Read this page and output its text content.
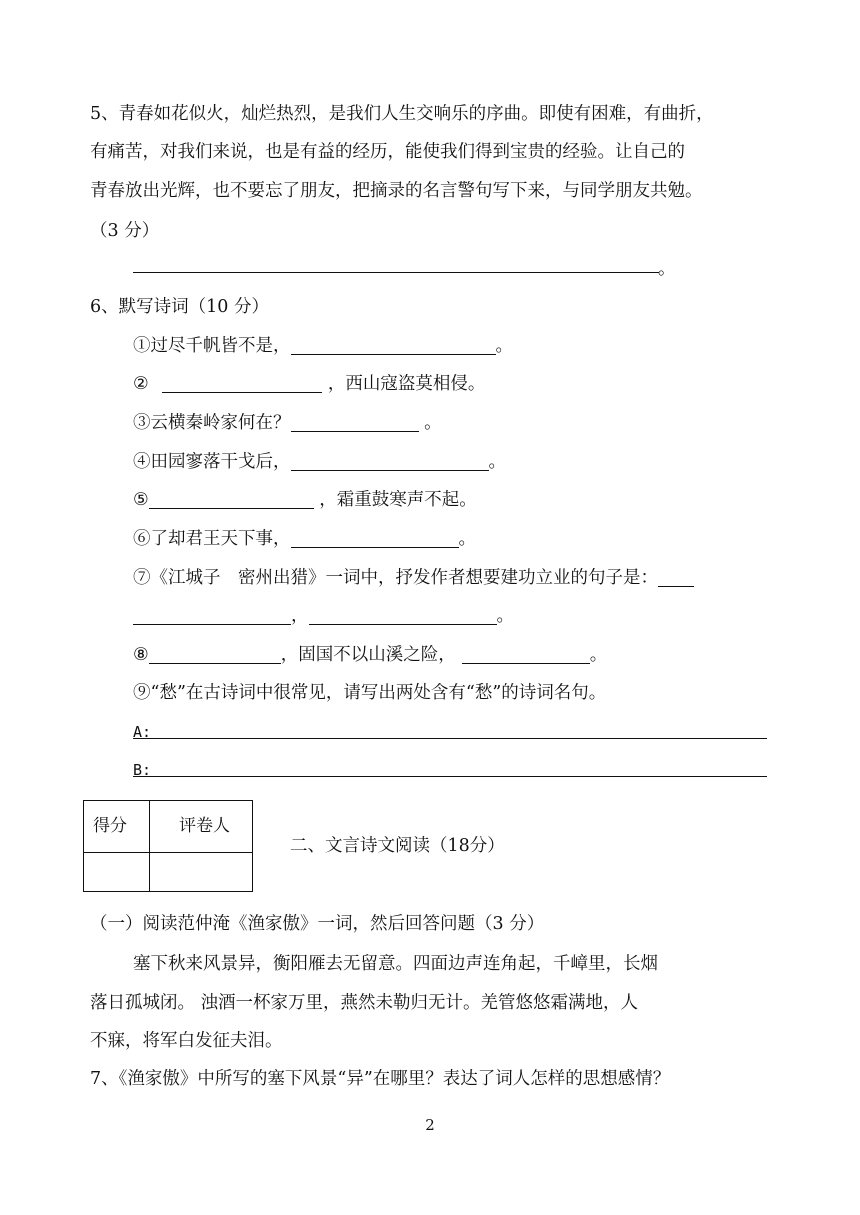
5、青春如花似火，灿烂热烈，是我们人生交响乐的序曲。即使有困难，有曲折，
有痛苦，对我们来说，也是有益的经历，能使我们得到宝贵的经验。让自己的
青春放出光辉，也不要忘了朋友，把摘录的名言警句写下来，与同学朋友共勉。
（3 分）
。
6、默写诗词（10 分）
①过尽千帆皆不是，	。
②	，西山寇盗莫相侵。
③云横秦岭家何在？	。
④田园寥落干戈后，	。
⑤	，霜重鼓寒声不起。
⑥了却君王天下事，	。
⑦《江城子　密州出猎》一词中，抒发作者想要建功立业的句子是：
，	。
⑧	，固国不以山溪之险，	。
⑨“愁”在古诗词中很常见，请写出两处含有“愁”的诗词名句。
A:
B:
得分	评卷人

二、文言诗文阅读（18分）
（一）阅读范仲淹《渔家傲》一词，然后回答问题（3 分）
塞下秋来风景异，衡阳雁去无留意。四面边声连角起，千嶂里，长烟
落日孤城闭。 浊酒一杯家万里，燕然未勒归无计。羌管悠悠霜满地，人
不寐，将军白发征夫泪。
7、《渔家傲》中所写的塞下风景“异”在哪里？表达了词人怎样的思想感情？
2
